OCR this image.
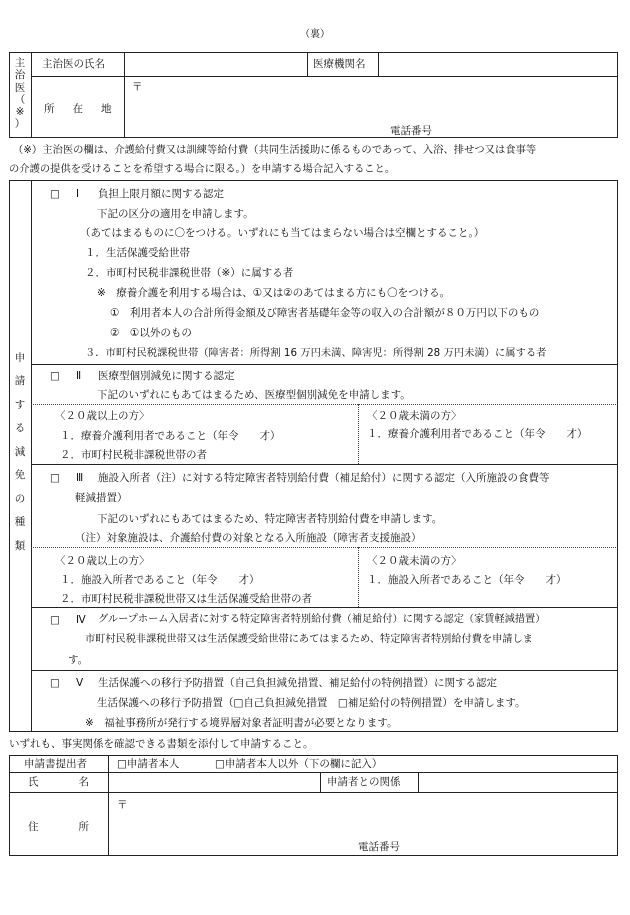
（裏）
主
治
医
（
※
）
主治医の氏名	医療機関名
〒
所 在 地
電話番号
（※）主治医の欄は、介護給付費又は訓練等給付費（共同生活援助に係るものであって、入浴、排せつ又は食事等
の介護の提供を受けることを希望する場合に限る。）を申請する場合記入すること。
申
請
す
る
減
免
の
種
類
□ Ⅰ 負担上限月額に関する認定
下記の区分の適用を申請します。
（あてはまるものに〇をつける。いずれにも当てはまらない場合は空欄とすること。）
１．生活保護受給世帯
２．市町村民税非課税世帯（※）に属する者
※　療養介護を利用する場合は、①又は②のあてはまる方にも〇をつける。
①　利用者本人の合計所得金額及び障害者基礎年金等の収入の合計額が８０万円以下のもの
②　①以外のもの
３．市町村民税課税世帯（障害者：所得割 16 万円未満、障害児：所得割 28 万円未満）に属する者
□ Ⅱ 医療型個別減免に関する認定
下記のいずれにもあてはまるため、医療型個別減免を申請します。
〈２０歳以上の方〉
１．療養介護利用者であること（年令　　才）
２．市町村民税非課税世帯の者
〈２０歳未満の方〉
１．療養介護利用者であること（年令　　才）
□ Ⅲ 施設入所者（注）に対する特定障害者特別給付費（補足給付）に関する認定（入所施設の食費等
軽減措置）
下記のいずれにもあてはまるため、特定障害者特別給付費を申請します。
（注）対象施設は、介護給付費の対象となる入所施設（障害者支援施設）
〈２０歳以上の方〉
１．施設入所者であること（年令　　才）
２．市町村民税非課税世帯又は生活保護受給世帯の者
〈２０歳未満の方〉
１．施設入所者であること（年令　　才）
□ Ⅳ グループホーム入居者に対する特定障害者特別給付費（補足給付）に関する認定（家賃軽減措置）
市町村民税非課税世帯又は生活保護受給世帯にあてはまるため、特定障害者特別給付費を申請しま
す。
□ Ⅴ 生活保護への移行予防措置（自己負担減免措置、補足給付の特例措置）に関する認定
生活保護への移行予防措置（□自己負担減免措置　□補足給付の特例措置）を申請します。
※　福祉事務所が発行する境界層対象者証明書が必要となります。
いずれも、事実関係を確認できる書類を添付して申請すること。
申請書提出者	□申請者本人	□申請者本人以外（下の欄に記入）
氏	名	申請者との関係
〒
住	所
電話番号
